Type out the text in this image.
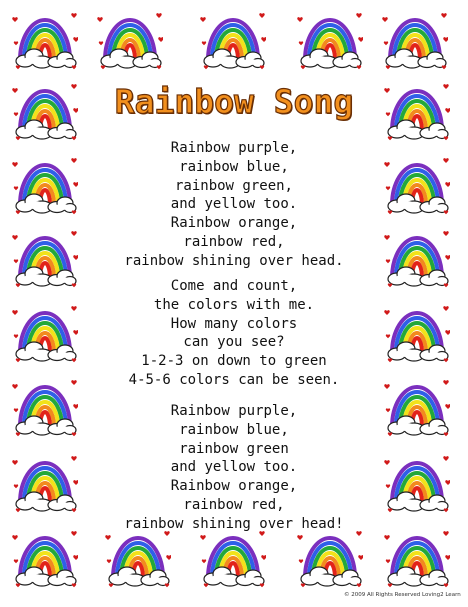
Rainbow Song
Rainbow purple,
rainbow blue,
rainbow green,
and yellow too.
Rainbow orange,
rainbow red,
rainbow shining over head.
Come and count,
the colors with me.
How many colors
can you see?
1-2-3 on down to green
4-5-6 colors can be seen.
Rainbow purple,
rainbow blue,
rainbow green
and yellow too.
Rainbow orange,
rainbow red,
rainbow shining over head!
© 2009 All Rights Reserved Loving2 Learn
